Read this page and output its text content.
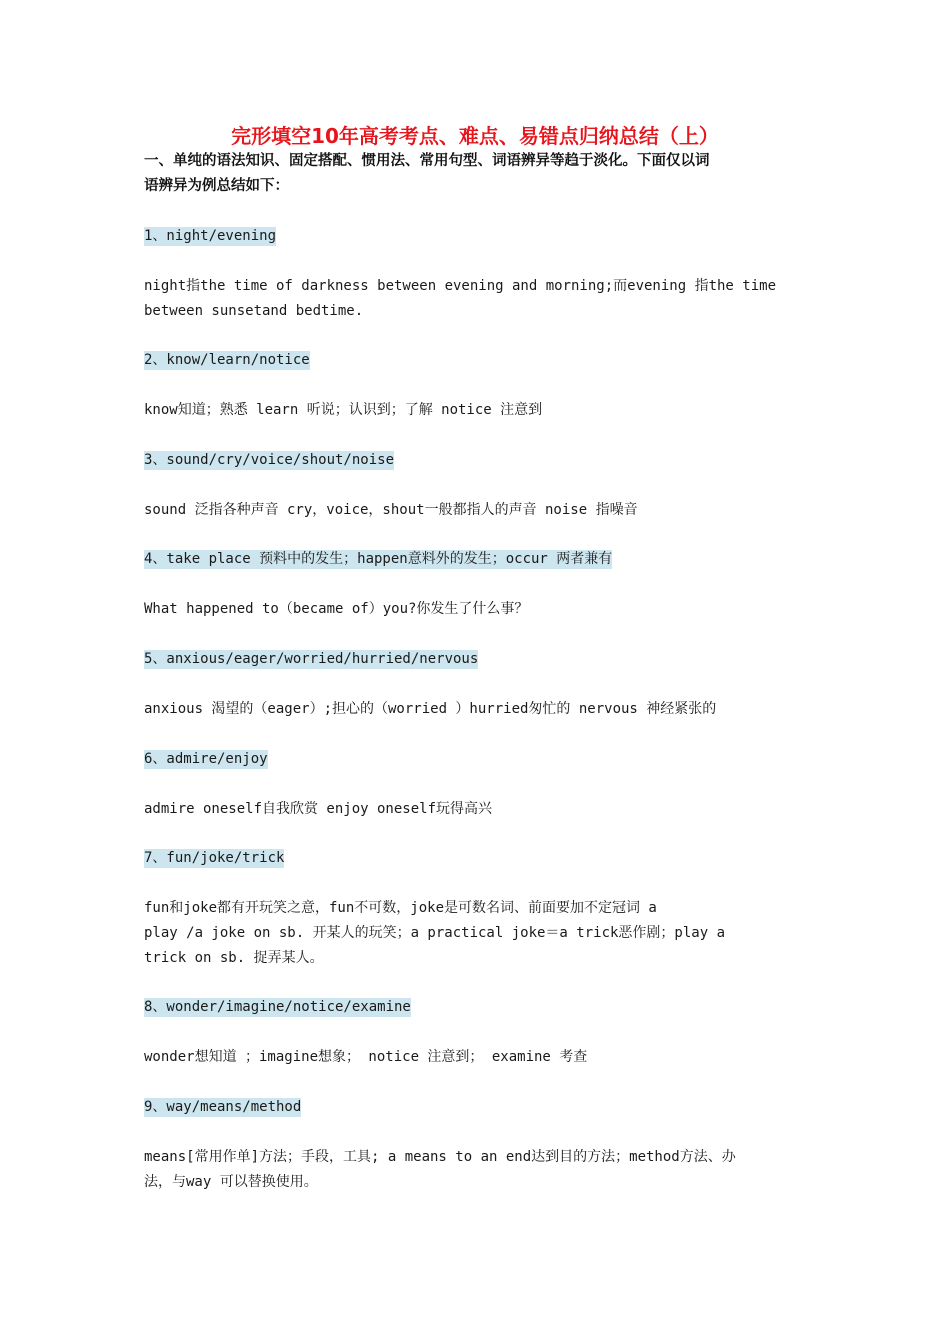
完形填空10年高考考点、难点、易错点归纳总结（上）
一、单纯的语法知识、固定搭配、惯用法、常用句型、词语辨异等趋于淡化。下面仅以词
语辨异为例总结如下：
1、night/evening
night指the time of darkness between evening and morning;而evening 指the time
between sunsetand bedtime.
2、know/learn/notice
know知道；熟悉 learn 听说；认识到；了解 notice 注意到
3、sound/cry/voice/shout/noise
sound 泛指各种声音 cry，voice，shout一般都指人的声音 noise 指噪音
4、take place 预料中的发生；happen意料外的发生；occur 两者兼有
What happened to（became of）you?你发生了什么事？
5、anxious/eager/worried/hurried/nervous
anxious 渴望的（eager）;担心的（worried ）hurried匆忙的 nervous 神经紧张的
6、admire/enjoy
admire oneself自我欣赏 enjoy oneself玩得高兴
7、fun/joke/trick
fun和joke都有开玩笑之意，fun不可数，joke是可数名词、前面要加不定冠词 a
play /a joke on sb. 开某人的玩笑；a practical joke＝a trick恶作剧；play a
trick on sb. 捉弄某人。
8、wonder/imagine/notice/examine
wonder想知道 ；imagine想象； notice 注意到； examine 考查
9、way/means/method
means[常用作单]方法；手段，工具; a means to an end达到目的方法；method方法、办
法，与way 可以替换使用。
